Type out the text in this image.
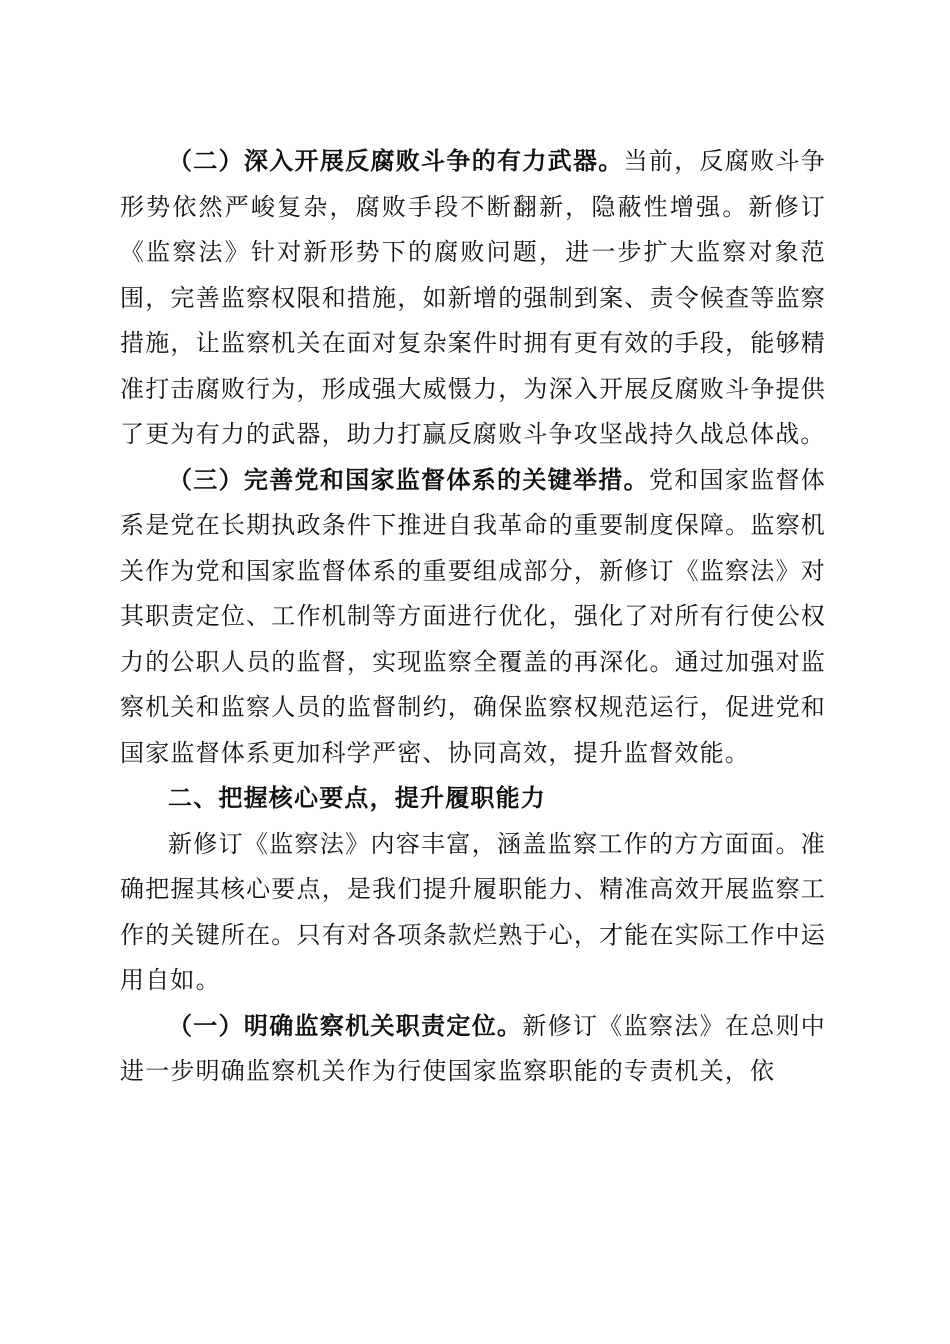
（二）深入开展反腐败斗争的有力武器。当前，反腐败斗争形势依然严峻复杂，腐败手段不断翻新，隐蔽性增强。新修订《监察法》针对新形势下的腐败问题，进一步扩大监察对象范围，完善监察权限和措施，如新增的强制到案、责令候查等监察措施，让监察机关在面对复杂案件时拥有更有效的手段，能够精准打击腐败行为，形成强大威慑力，为深入开展反腐败斗争提供了更为有力的武器，助力打赢反腐败斗争攻坚战持久战总体战。

（三）完善党和国家监督体系的关键举措。党和国家监督体系是党在长期执政条件下推进自我革命的重要制度保障。监察机关作为党和国家监督体系的重要组成部分，新修订《监察法》对其职责定位、工作机制等方面进行优化，强化了对所有行使公权力的公职人员的监督，实现监察全覆盖的再深化。通过加强对监察机关和监察人员的监督制约，确保监察权规范运行，促进党和国家监督体系更加科学严密、协同高效，提升监督效能。

二、把握核心要点，提升履职能力

新修订《监察法》内容丰富，涵盖监察工作的方方面面。准确把握其核心要点，是我们提升履职能力、精准高效开展监察工作的关键所在。只有对各项条款烂熟于心，才能在实际工作中运用自如。

（一）明确监察机关职责定位。新修订《监察法》在总则中进一步明确监察机关作为行使国家监察职能的专责机关，依
